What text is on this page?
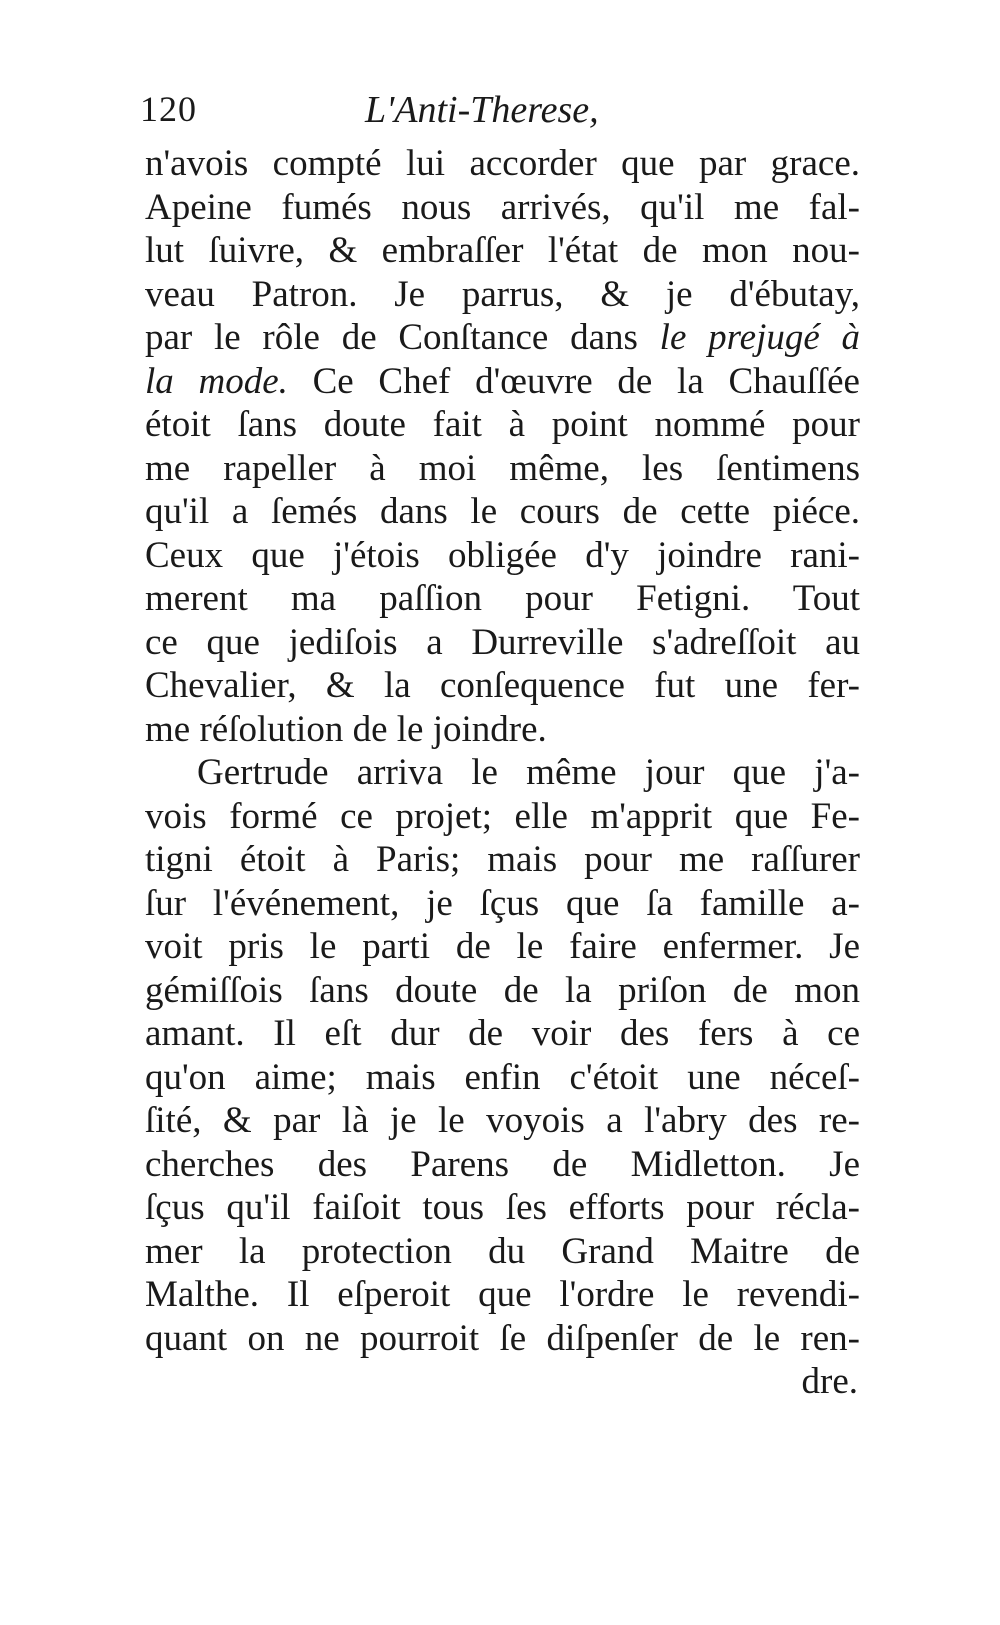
120	L'Anti-Therese,
n'avois compté lui accorder que par grace.
Apeine fumés nous arrivés, qu'il me fal-
lut ſuivre, & embraſſer l'état de mon nou-
veau Patron. Je parrus, & je d'ébutay,
par le rôle de Conſtance dans le prejugé à
la mode. Ce Chef d'œuvre de la Chauſſée
étoit ſans doute fait à point nommé pour
me rapeller à moi même, les ſentimens
qu'il a ſemés dans le cours de cette piéce.
Ceux que j'étois obligée d'y joindre rani-
merent ma paſſion pour Fetigni. Tout
ce que jediſois a Durreville s'adreſſoit au
Chevalier, & la conſequence fut une fer-
me réſolution de le joindre.
Gertrude arriva le même jour que j'a-
vois formé ce projet; elle m'apprit que Fe-
tigni étoit à Paris; mais pour me raſſurer
ſur l'événement, je ſçus que ſa famille a-
voit pris le parti de le faire enfermer. Je
gémiſſois ſans doute de la priſon de mon
amant. Il eſt dur de voir des fers à ce
qu'on aime; mais enfin c'étoit une néceſ-
ſité, & par là je le voyois a l'abry des re-
cherches des Parens de Midletton. Je
ſçus qu'il faiſoit tous ſes efforts pour récla-
mer la protection du Grand Maitre de
Malthe. Il eſperoit que l'ordre le revendi-
quant on ne pourroit ſe diſpenſer de le ren-
dre.
